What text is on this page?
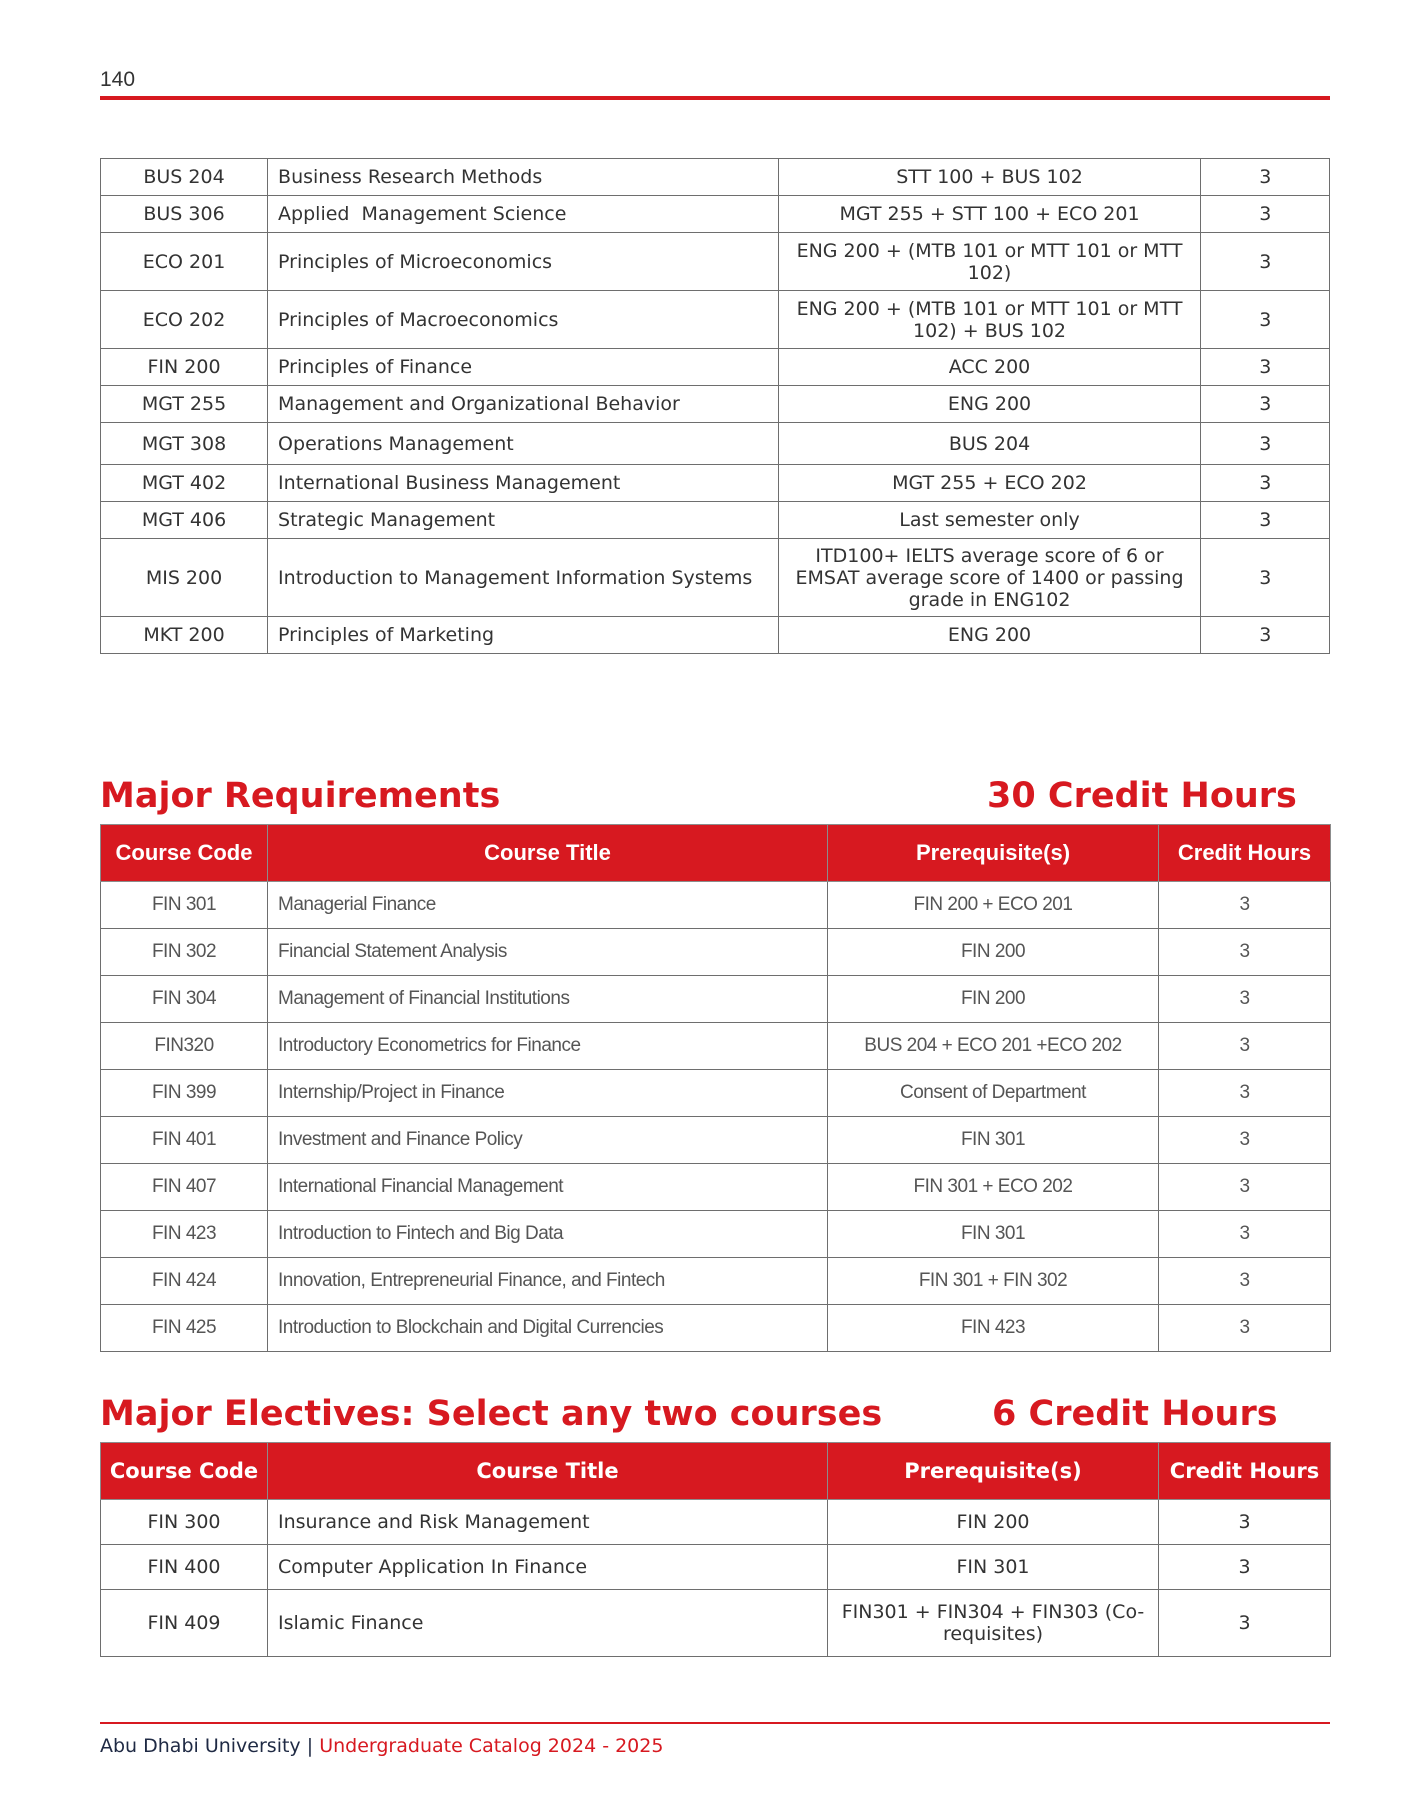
140
BUS 204	Business Research Methods	STT 100 + BUS 102	3
BUS 306	Applied  Management Science	MGT 255 + STT 100 + ECO 201	3
ECO 201	Principles of Microeconomics	ENG 200 + (MTB 101 or MTT 101 or MTT 102)	3
ECO 202	Principles of Macroeconomics	ENG 200 + (MTB 101 or MTT 101 or MTT 102) + BUS 102	3
FIN 200	Principles of Finance	ACC 200	3
MGT 255	Management and Organizational Behavior	ENG 200	3
MGT 308	Operations Management	BUS 204	3
MGT 402	International Business Management	MGT 255 + ECO 202	3
MGT 406	Strategic Management	Last semester only	3
MIS 200	Introduction to Management Information Systems	ITD100+ IELTS average score of 6 or EMSAT average score of 1400 or passing grade in ENG102	3
MKT 200	Principles of Marketing	ENG 200	3
Major Requirements	30 Credit Hours
Course Code	Course Title	Prerequisite(s)	Credit Hours
FIN 301	Managerial Finance	FIN 200 + ECO 201	3
FIN 302	Financial Statement Analysis	FIN 200	3
FIN 304	Management of Financial Institutions	FIN 200	3
FIN320	Introductory Econometrics for Finance	BUS 204 + ECO 201 +ECO 202	3
FIN 399	Internship/Project in Finance	Consent of Department	3
FIN 401	Investment and Finance Policy	FIN 301	3
FIN 407	International Financial Management	FIN 301 + ECO 202	3
FIN 423	Introduction to Fintech and Big Data	FIN 301	3
FIN 424	Innovation, Entrepreneurial Finance, and Fintech	FIN 301 + FIN 302	3
FIN 425	Introduction to Blockchain and Digital Currencies	FIN 423	3
Major Electives: Select any two courses	6 Credit Hours
Course Code	Course Title	Prerequisite(s)	Credit Hours
FIN 300	Insurance and Risk Management	FIN 200	3
FIN 400	Computer Application In Finance	FIN 301	3
FIN 409	Islamic Finance	FIN301 + FIN304 + FIN303 (Co-requisites)	3
Abu Dhabi University | Undergraduate Catalog 2024 - 2025
